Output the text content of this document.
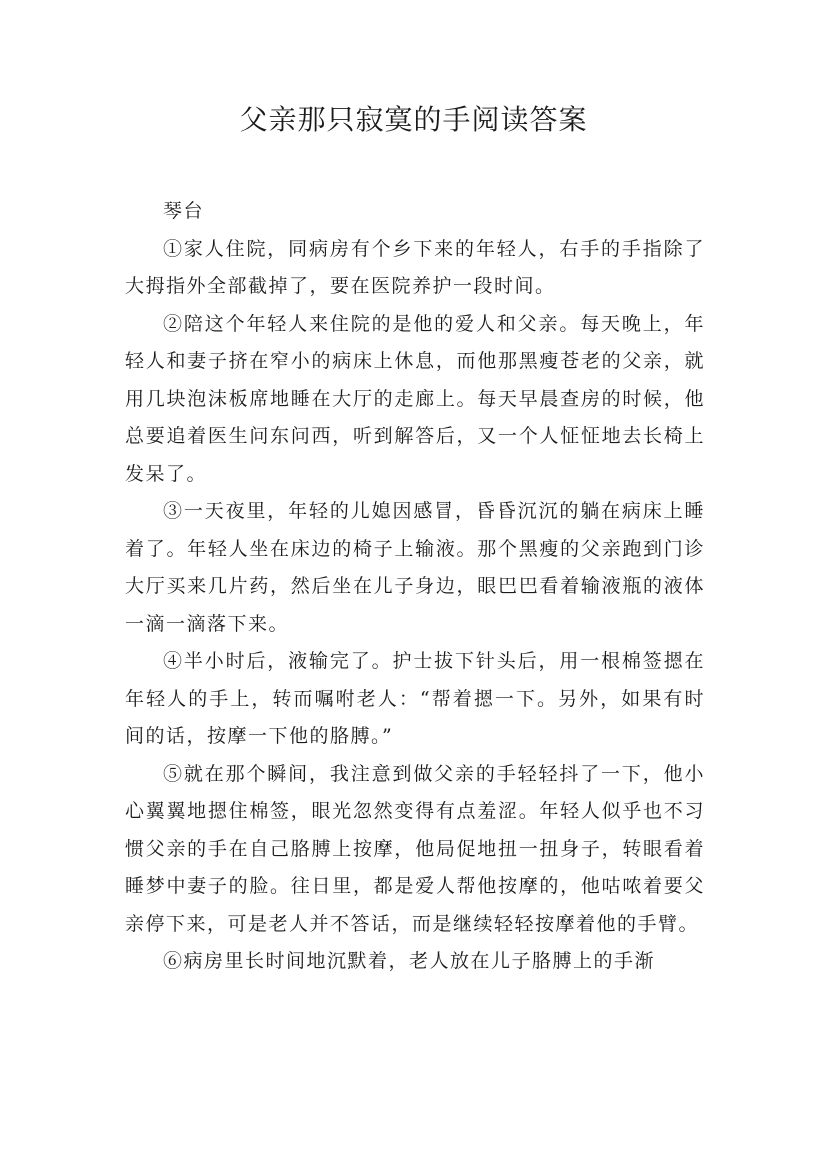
父亲那只寂寞的手阅读答案

琴台

①家人住院，同病房有个乡下来的年轻人，右手的手指除了大拇指外全部截掉了，要在医院养护一段时间。

②陪这个年轻人来住院的是他的爱人和父亲。每天晚上，年轻人和妻子挤在窄小的病床上休息，而他那黑瘦苍老的父亲，就用几块泡沫板席地睡在大厅的走廊上。每天早晨查房的时候，他总要追着医生问东问西，听到解答后，又一个人怔怔地去长椅上发呆了。

③一天夜里，年轻的儿媳因感冒，昏昏沉沉的躺在病床上睡着了。年轻人坐在床边的椅子上输液。那个黑瘦的父亲跑到门诊大厅买来几片药，然后坐在儿子身边，眼巴巴看着输液瓶的液体一滴一滴落下来。

④半小时后，液输完了。护士拔下针头后，用一根棉签摁在年轻人的手上，转而嘱咐老人：“帮着摁一下。另外，如果有时间的话，按摩一下他的胳膊。”

⑤就在那个瞬间，我注意到做父亲的手轻轻抖了一下，他小心翼翼地摁住棉签，眼光忽然变得有点羞涩。年轻人似乎也不习惯父亲的手在自己胳膊上按摩，他局促地扭一扭身子，转眼看着睡梦中妻子的脸。往日里，都是爱人帮他按摩的，他咕哝着要父亲停下来，可是老人并不答话，而是继续轻轻按摩着他的手臂。

⑥病房里长时间地沉默着，老人放在儿子胳膊上的手渐
